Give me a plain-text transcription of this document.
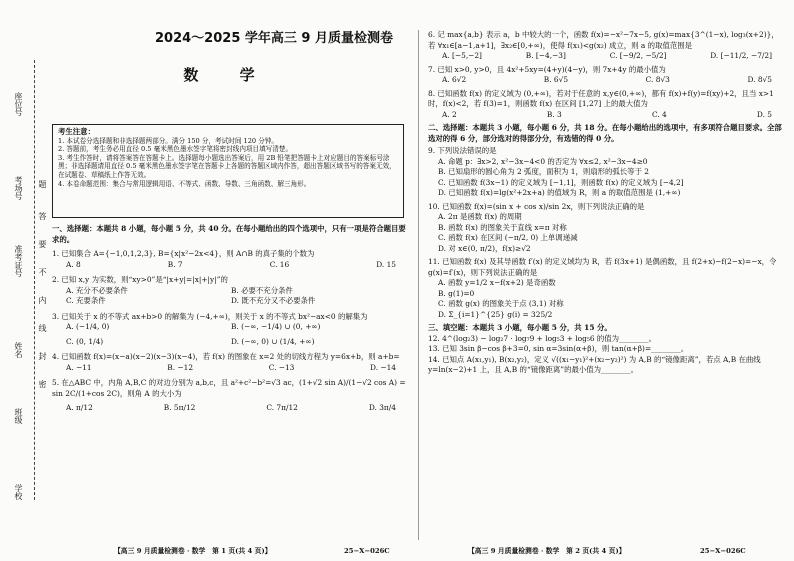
座位号
考场号
准考证号
姓名
班级
学校
题
答
要
不
内
线
封
密
2024～2025 学年高三 9 月质量检测卷
数 学
考生注意：
1. 本试卷分选择题和非选择题两部分。满分 150 分，考试时间 120 分钟。
2. 答题前，考生务必用直径 0.5 毫米黑色墨水签字笔将密封线内项目填写清楚。
3. 考生作答时，请将答案答在答题卡上。选择题每小题选出答案后，用 2B 铅笔把答题卡上对应题目的答案标号涂黑；非选择题请用直径 0.5 毫米黑色墨水签字笔在答题卡上各题的答题区域内作答，超出答题区域书写的答案无效，在试题卷、草稿纸上作答无效。
4. 本卷命题范围：集合与常用逻辑用语、不等式、函数、导数、三角函数、解三角形。

一、选择题：本题共 8 小题，每小题 5 分，共 40 分。在每小题给出的四个选项中，只有一项是符合题目要求的。

1. 已知集合 A={−1,0,1,2,3}, B={x|x²−2x<4}，则 A∩B 的真子集的个数为

A. 8	B. 7	C. 16	D. 15

2. 已知 x,y 为实数，则“xy>0”是“|x+y|=|x|+|y|”的

A. 充分不必要条件	B. 必要不充分条件
C. 充要条件	D. 既不充分又不必要条件

3. 已知关于 x 的不等式 ax+b>0 的解集为 (−4,+∞)，则关于 x 的不等式 bx²−ax<0 的解集为

A. (−1/4, 0)	B. (−∞, −1/4) ∪ (0, +∞)
C. (0, 1/4)	D. (−∞, 0) ∪ (1/4, +∞)

4. 已知函数 f(x)=(x−a)(x−2)(x−3)(x−4)，若 f(x) 的图象在 x=2 处的切线方程为 y=6x+b，则 a+b=

A. −11	B. −12	C. −13	D. −14

5. 在△ABC 中，内角 A,B,C 的对边分别为 a,b,c，且 a²+c²−b²=√3 ac，(1+√2 sin A)/(1−√2 cos A) = sin 2C/(1+cos 2C)，则角 A 的大小为

A. π/12	B. 5π/12	C. 7π/12	D. 3π/4
【高三 9 月质量检测卷 · 数学　第 1 页(共 4 页)】	25−X−026C

6. 记 max{a,b} 表示 a，b 中较大的一个，函数 f(x)=−x²−7x−5, g(x)=max{3^(1−x), log₃(x+2)}，若 ∀x₁∈[a−1,a+1]，∃x₂∈[0,+∞)，使得 f(x₁)<g(x₂) 成立，则 a 的取值范围是

A. [−5,−2]	B. [−4,−3]	C. [−9/2, −5/2]	D. [−11/2, −7/2]

7. 已知 x>0, y>0，且 4x²+5xy=(4+y)(4−y)，则 7x+4y 的最小值为

A. 6√2	B. 6√5	C. 8√3	D. 8√5

8. 已知函数 f(x) 的定义域为 (0,+∞)，若对于任意的 x,y∈(0,+∞)，都有 f(x)+f(y)=f(xy)+2，且当 x>1 时，f(x)<2，若 f(3)=1，则函数 f(x) 在区间 [1,27] 上的最大值为

A. 2	B. 3	C. 4	D. 5

二、选择题：本题共 3 小题，每小题 6 分，共 18 分。在每小题给出的选项中，有多项符合题目要求。全部选对的得 6 分，部分选对的得部分分，有选错的得 0 分。

9. 下列说法错误的是

A. 命题 p：∃x>2, x²−3x−4<0 的否定为 ∀x≤2, x²−3x−4≥0
B. 已知扇形的圆心角为 2 弧度，面积为 1，则扇形的弧长等于 2
C. 已知函数 f(3x−1) 的定义域为 [−1,1]，则函数 f(x) 的定义域为 [−4,2]
D. 已知函数 f(x)=lg(x²+2x+a) 的值域为 R，则 a 的取值范围是 (1,+∞)

10. 已知函数 f(x)=(sin x + cos x)/sin 2x，则下列说法正确的是

A. 2π 是函数 f(x) 的周期
B. 函数 f(x) 的图象关于直线 x=π 对称
C. 函数 f(x) 在区间 (−π/2, 0) 上单调递减
D. 对 x∈(0, π/2)，f(x)≥√2

11. 已知函数 f(x) 及其导函数 f′(x) 的定义域均为 R，若 f(3x+1) 是偶函数，且 f(2+x)−f(2−x)=−x，令 g(x)=f′(x)，则下列说法正确的是

A. 函数 y=1/2 x−f(x+2) 是奇函数
B. g(1)=0
C. 函数 g(x) 的图象关于点 (3,1) 对称
D. Σ_{i=1}^{25} g(i) = 325/2

三、填空题：本题共 3 小题，每小题 5 分，共 15 分。

12. 4^(log₂3) − log₂7 · log₇9 + log₅3 + log₅6 的值为________。

13. 已知 3sin β−cos β+3=0, sin α=3sin(α+β)，则 tan(α+β)=________。

14. 已知点 A(x₁,y₁), B(x₂,y₂)，定义 √((x₁−y₁)²+(x₂−y₂)²) 为 A,B 的“镜像距离”，若点 A,B 在曲线 y=ln(x−2)+1 上，且 A,B 的“镜像距离”的最小值为________。

【高三 9 月质量检测卷 · 数学　第 2 页(共 4 页)】	25−X−026C
